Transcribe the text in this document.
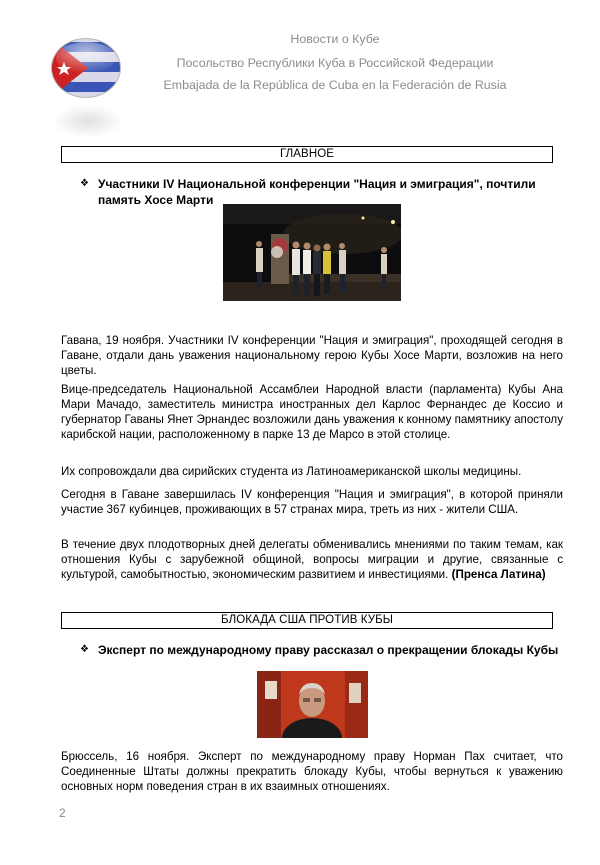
Новости о Кубе
Посольство Республики Куба в Российской Федерации
Embajada de la República de Cuba en la Federación de Rusia
ГЛАВНОЕ
❖ Участники IV Национальной конференции "Нация и эмиграция", почтили память Хосе Марти
Гавана, 19 ноября. Участники IV конференции "Нация и эмиграция", проходящей сегодня в Гаване, отдали дань уважения национальному герою Кубы Хосе Марти, возложив на него цветы.
Вице-председатель Национальной Ассамблеи Народной власти (парламента) Кубы Ана Мари Мачадо, заместитель министра иностранных дел Карлос Фернандес де Коссио и губернатор Гаваны Янет Эрнандес возложили дань уважения к конному памятнику апостолу карибской нации, расположенному в парке 13 де Марсо в этой столице.
Их сопровождали два сирийских студента из Латиноамериканской школы медицины.
Сегодня в Гаване завершилась IV конференция "Нация и эмиграция", в которой приняли участие 367 кубинцев, проживающих в 57 странах мира, треть из них - жители США.
В течение двух плодотворных дней делегаты обменивались мнениями по таким темам, как отношения Кубы с зарубежной общиной, вопросы миграции и другие, связанные с культурой, самобытностью, экономическим развитием и инвестициями. (Пренса Латина)
БЛОКАДА США ПРОТИВ КУБЫ
❖ Эксперт по международному праву рассказал о прекращении блокады Кубы
Брюссель, 16 ноября. Эксперт по международному праву Норман Пах считает, что Соединенные Штаты должны прекратить блокаду Кубы, чтобы вернуться к уважению основных норм поведения стран в их взаимных отношениях.
2
